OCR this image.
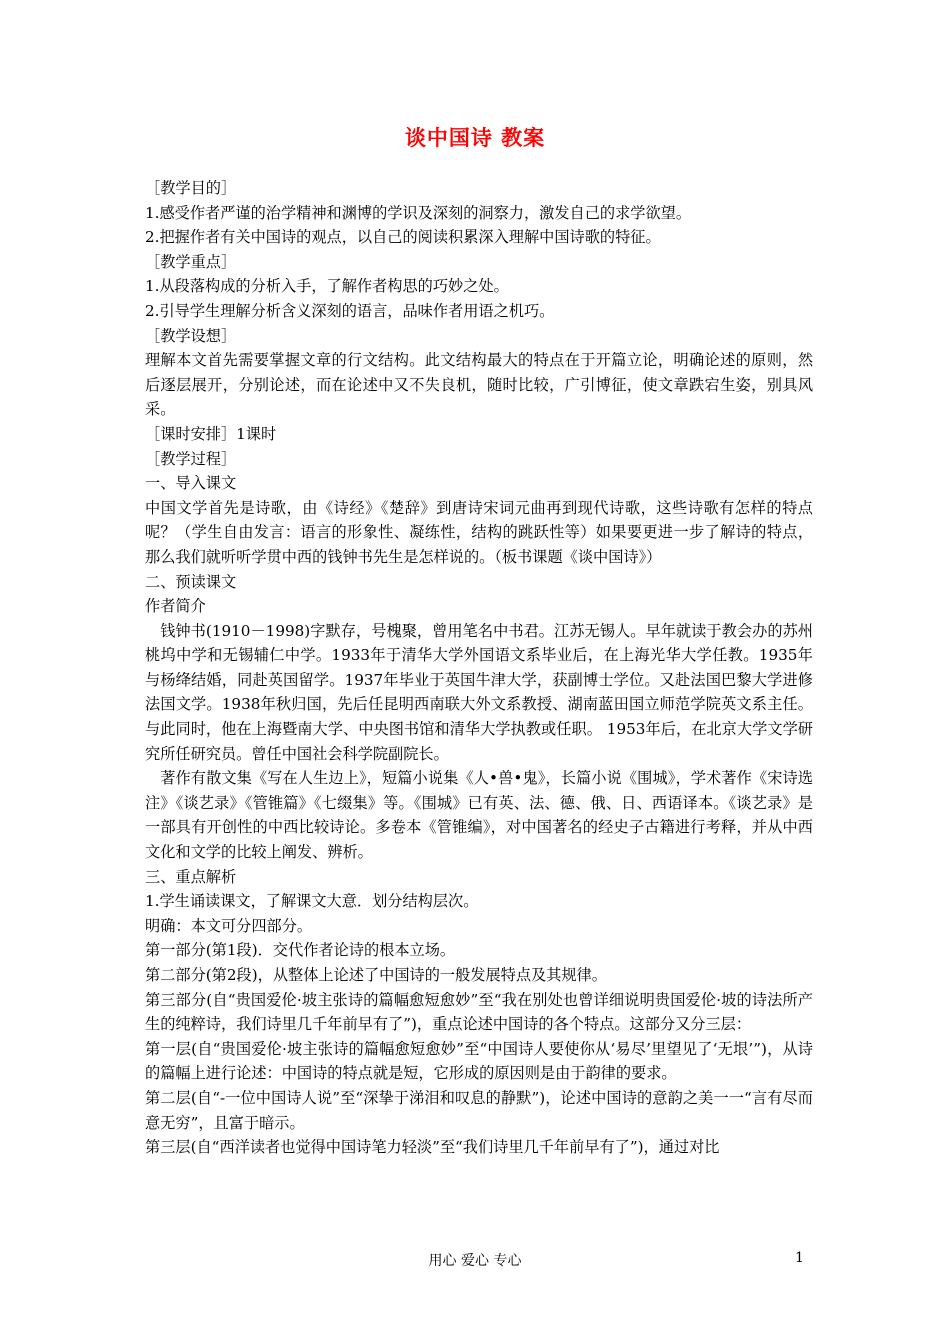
谈中国诗 教案

［教学目的］

1.感受作者严谨的治学精神和渊博的学识及深刻的洞察力，激发自己的求学欲望。

2.把握作者有关中国诗的观点，以自己的阅读积累深入理解中国诗歌的特征。

［教学重点］

1.从段落构成的分析入手，了解作者构思的巧妙之处。

2.引导学生理解分析含义深刻的语言，品味作者用语之机巧。

［教学设想］

理解本文首先需要掌握文章的行文结构。此文结构最大的特点在于开篇立论，明确论述的原则，然后逐层展开，分别论述，而在论述中又不失良机，随时比较，广引博征，使文章跌宕生姿，别具风采。

［课时安排］1课时

［教学过程］

一、导入课文

中国文学首先是诗歌，由《诗经》《楚辞》到唐诗宋词元曲再到现代诗歌，这些诗歌有怎样的特点呢？（学生自由发言：语言的形象性、凝练性，结构的跳跃性等）如果要更进一步了解诗的特点，那么我们就听听学贯中西的钱钟书先生是怎样说的。（板书课题《谈中国诗》）

二、预读课文

作者简介

钱钟书(1910－1998)字默存，号槐聚，曾用笔名中书君。江苏无锡人。早年就读于教会办的苏州桃坞中学和无锡辅仁中学。1933年于清华大学外国语文系毕业后，在上海光华大学任教。1935年与杨绛结婚，同赴英国留学。1937年毕业于英国牛津大学，获副博士学位。又赴法国巴黎大学进修法国文学。1938年秋归国，先后任昆明西南联大外文系教授、湖南蓝田国立师范学院英文系主任。与此同时，他在上海暨南大学、中央图书馆和清华大学执教或任职。 1953年后，在北京大学文学研究所任研究员。曾任中国社会科学院副院长。

著作有散文集《写在人生边上》，短篇小说集《人•兽•鬼》，长篇小说《围城》，学术著作《宋诗选注》《谈艺录》《管锥篇》《七缀集》等。《围城》已有英、法、德、俄、日、西语译本。《谈艺录》是一部具有开创性的中西比较诗论。多卷本《管锥编》，对中国著名的经史子古籍进行考释，并从中西文化和文学的比较上阐发、辨析。

三、重点解析

1.学生诵读课文，了解课文大意．划分结构层次。

明确：本文可分四部分。

第一部分(第1段)．交代作者论诗的根本立场。

第二部分(第2段)，从整体上论述了中国诗的一般发展特点及其规律。

第三部分(自“贵国爱伦·坡主张诗的篇幅愈短愈妙”至“我在别处也曾详细说明贵国爱伦·坡的诗法所产生的纯粹诗，我们诗里几千年前早有了”)，重点论述中国诗的各个特点。这部分又分三层：

第一层(自“贵国爱伦·坡主张诗的篇幅愈短愈妙”至“中国诗人要使你从‘易尽’里望见了‘无垠’”)，从诗的篇幅上进行论述：中国诗的特点就是短，它形成的原因则是由于韵律的要求。

第二层(自“-一位中国诗人说”至“深挚于涕泪和叹息的静默”)，论述中国诗的意韵之美一一“言有尽而意无穷”，且富于暗示。

第三层(自“西洋读者也觉得中国诗笔力轻淡”至“我们诗里几千年前早有了”)，通过对比

用心 爱心 专心	1
